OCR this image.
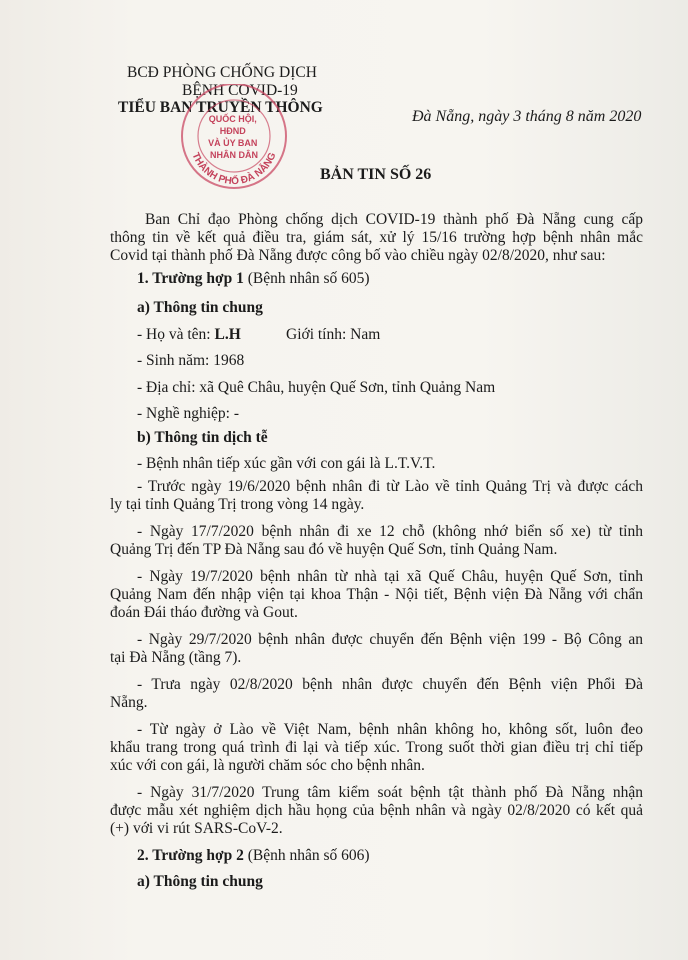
BCĐ PHÒNG CHỐNG DỊCH
BỆNH COVID-19
TIỂU BAN TRUYỀN THÔNG
Đà Nẵng, ngày 3 tháng 8 năm 2020
QUỐC HỘI, HĐND VÀ ỦY BAN NHÂN DÂN
THÀNH PHỐ ĐÀ NẴNG
BẢN TIN SỐ 26
Ban Chỉ đạo Phòng chống dịch COVID-19 thành phố Đà Nẵng cung cấp
thông tin về kết quả điều tra, giám sát, xử lý 15/16 trường hợp bệnh nhân mắc
Covid tại thành phố Đà Nẵng được công bố vào chiều ngày 02/8/2020, như sau:
1. Trường hợp 1 (Bệnh nhân số 605)
a) Thông tin chung
- Họ và tên: L.H	Giới tính: Nam
- Sinh năm: 1968
- Địa chỉ: xã Quê Châu, huyện Quế Sơn, tỉnh Quảng Nam
- Nghề nghiệp: -
b) Thông tin dịch tễ
- Bệnh nhân tiếp xúc gần với con gái là L.T.V.T.
- Trước ngày 19/6/2020 bệnh nhân đi từ Lào về tỉnh Quảng Trị và được cách
ly tại tỉnh Quảng Trị trong vòng 14 ngày.
- Ngày 17/7/2020 bệnh nhân đi xe 12 chỗ (không nhớ biển số xe) từ tỉnh
Quảng Trị đến TP Đà Nẵng sau đó về huyện Quế Sơn, tỉnh Quảng Nam.
- Ngày 19/7/2020 bệnh nhân từ nhà tại xã Quế Châu, huyện Quế Sơn, tỉnh
Quảng Nam đến nhập viện tại khoa Thận - Nội tiết, Bệnh viện Đà Nẵng với chẩn
đoán Đái tháo đường và Gout.
- Ngày 29/7/2020 bệnh nhân được chuyển đến Bệnh viện 199 - Bộ Công an
tại Đà Nẵng (tầng 7).
- Trưa ngày 02/8/2020 bệnh nhân được chuyển đến Bệnh viện Phổi Đà
Nẵng.
- Từ ngày ở Lào về Việt Nam, bệnh nhân không ho, không sốt, luôn đeo
khẩu trang trong quá trình đi lại và tiếp xúc. Trong suốt thời gian điều trị chỉ tiếp
xúc với con gái, là người chăm sóc cho bệnh nhân.
- Ngày 31/7/2020 Trung tâm kiểm soát bệnh tật thành phố Đà Nẵng nhận
được mẫu xét nghiệm dịch hầu họng của bệnh nhân và ngày 02/8/2020 có kết quả
(+) với vi rút SARS-CoV-2.
2. Trường hợp 2 (Bệnh nhân số 606)
a) Thông tin chung
